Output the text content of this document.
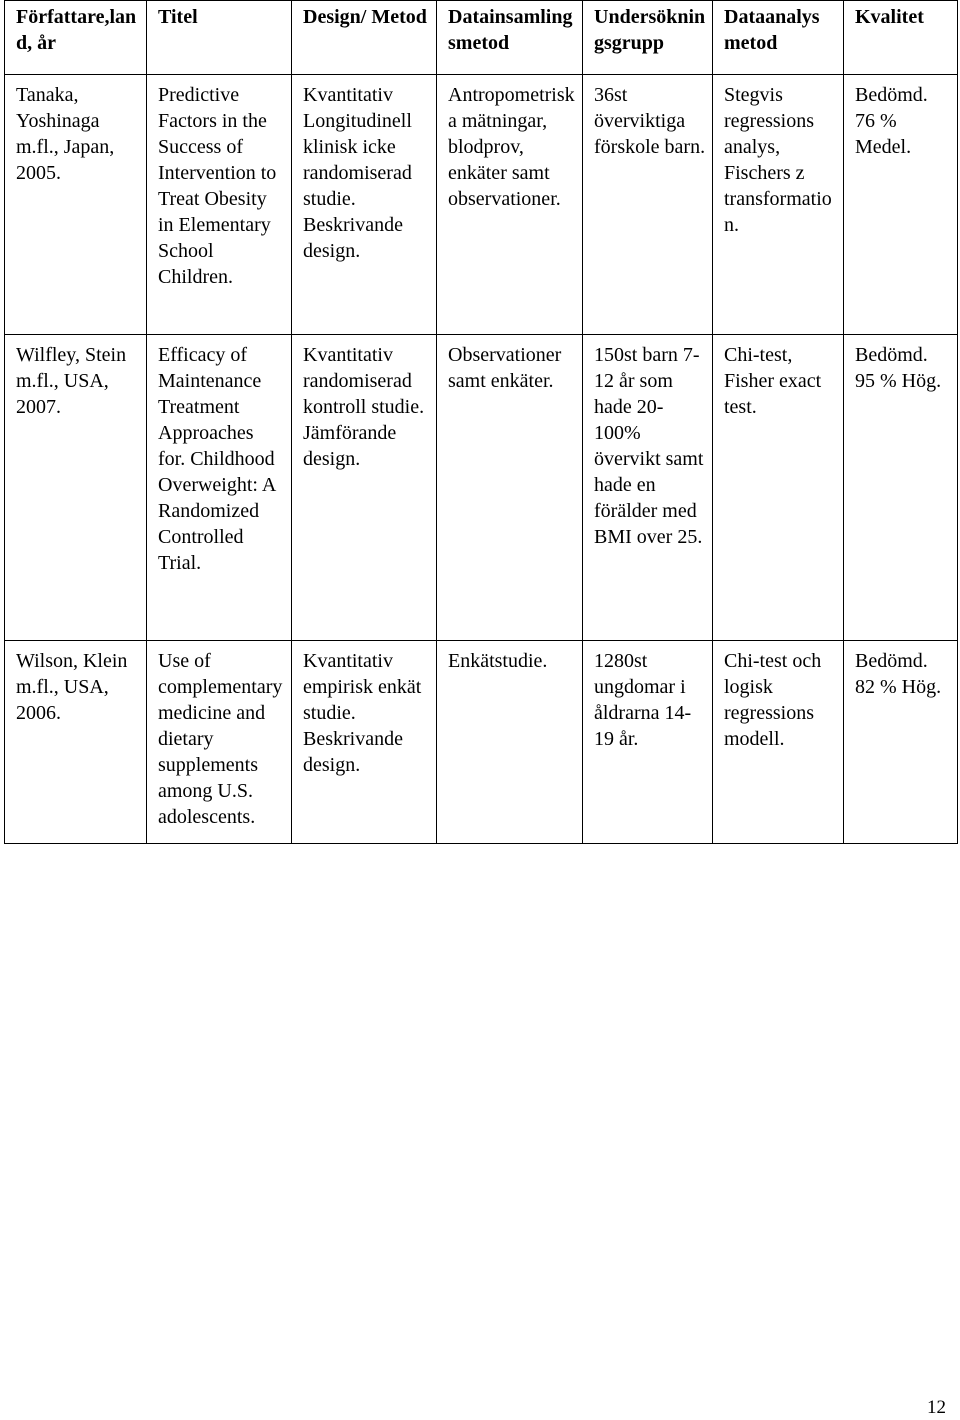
Författare,land, år	Titel	Design/ Metod	Datainsamlingsmetod	Undersökningsgrupp	Dataanalys metod	Kvalitet
Tanaka, Yoshinaga m.fl., Japan, 2005.	Predictive Factors in the Success of Intervention to Treat Obesity in Elementary School Children.	Kvantitativ Longitudinell klinisk icke randomiserad studie. Beskrivande design.	Antropometriska mätningar, blodprov, enkäter samt observationer.	36st överviktiga förskole barn.	Stegvis regressions analys, Fischers z transformation.	Bedömd. 76 % Medel.
Wilfley, Stein m.fl., USA, 2007.	Efficacy of Maintenance Treatment Approaches for. Childhood Overweight: A Randomized Controlled Trial.	Kvantitativ randomiserad kontroll studie. Jämförande design.	Observationer samt enkäter.	150st barn 7-12 år som hade 20-100% övervikt samt hade en förälder med BMI over 25.	Chi-test, Fisher exact test.	Bedömd. 95 % Hög.
Wilson, Klein m.fl., USA, 2006.	Use of complementary medicine and dietary supplements among U.S. adolescents.	Kvantitativ empirisk enkät studie. Beskrivande design.	Enkätstudie.	1280st ungdomar i åldrarna 14-19 år.	Chi-test och logisk regressions modell.	Bedömd. 82 % Hög.
12
